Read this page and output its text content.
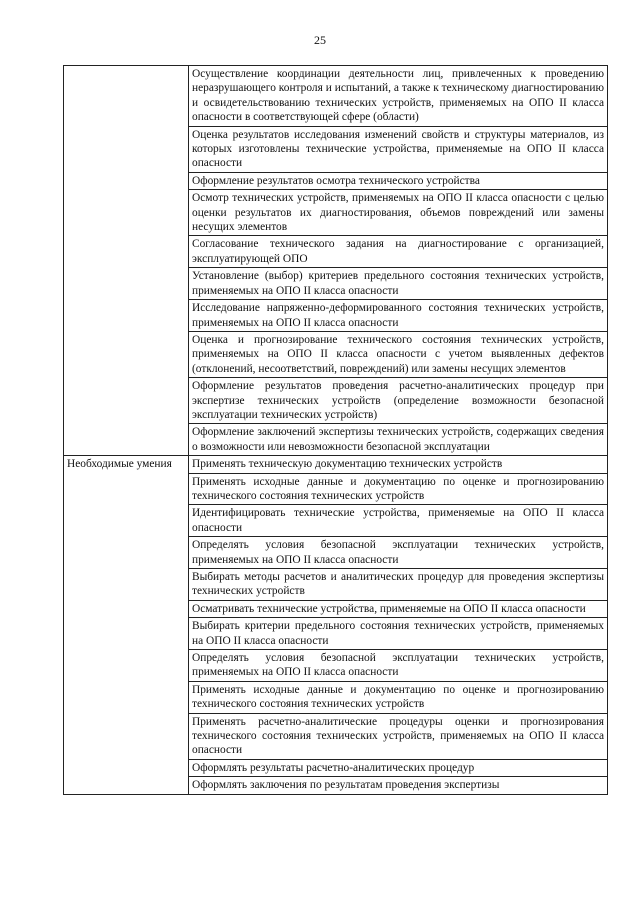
25
	Осуществление координации деятельности лиц, привлеченных к проведению неразрушающего контроля и испытаний, а также к техническому диагностированию и освидетельствованию технических устройств, применяемых на ОПО II класса опасности в соответствующей сфере (области)
	Оценка результатов исследования изменений свойств и структуры материалов, из которых изготовлены технические устройства, применяемые на ОПО II класса опасности
	Оформление результатов осмотра технического устройства
	Осмотр технических устройств, применяемых на ОПО II класса опасности с целью оценки результатов их диагностирования, объемов повреждений или замены несущих элементов
	Согласование технического задания на диагностирование с организацией, эксплуатирующей ОПО
	Установление (выбор) критериев предельного состояния технических устройств, применяемых на ОПО II класса опасности
	Исследование напряженно-деформированного состояния технических устройств, применяемых на ОПО II класса опасности
	Оценка и прогнозирование технического состояния технических устройств, применяемых на ОПО II класса опасности с учетом выявленных дефектов (отклонений, несоответствий, повреждений) или замены несущих элементов
	Оформление результатов проведения расчетно-аналитических процедур при экспертизе технических устройств (определение возможности безопасной эксплуатации технических устройств)
	Оформление заключений экспертизы технических устройств, содержащих сведения о возможности или невозможности безопасной эксплуатации
Необходимые умения	Применять техническую документацию технических устройств
	Применять исходные данные и документацию по оценке и прогнозированию технического состояния технических устройств
	Идентифицировать технические устройства, применяемые на ОПО II класса опасности
	Определять условия безопасной эксплуатации технических устройств, применяемых на ОПО II класса опасности
	Выбирать методы расчетов и аналитических процедур для проведения экспертизы технических устройств
	Осматривать технические устройства, применяемые на ОПО II класса опасности
	Выбирать критерии предельного состояния технических устройств, применяемых на ОПО II класса опасности
	Определять условия безопасной эксплуатации технических устройств, применяемых на ОПО II класса опасности
	Применять исходные данные и документацию по оценке и прогнозированию технического состояния технических устройств
	Применять расчетно-аналитические процедуры оценки и прогнозирования технического состояния технических устройств, применяемых на ОПО II класса опасности
	Оформлять результаты расчетно-аналитических процедур
	Оформлять заключения по результатам проведения экспертизы
